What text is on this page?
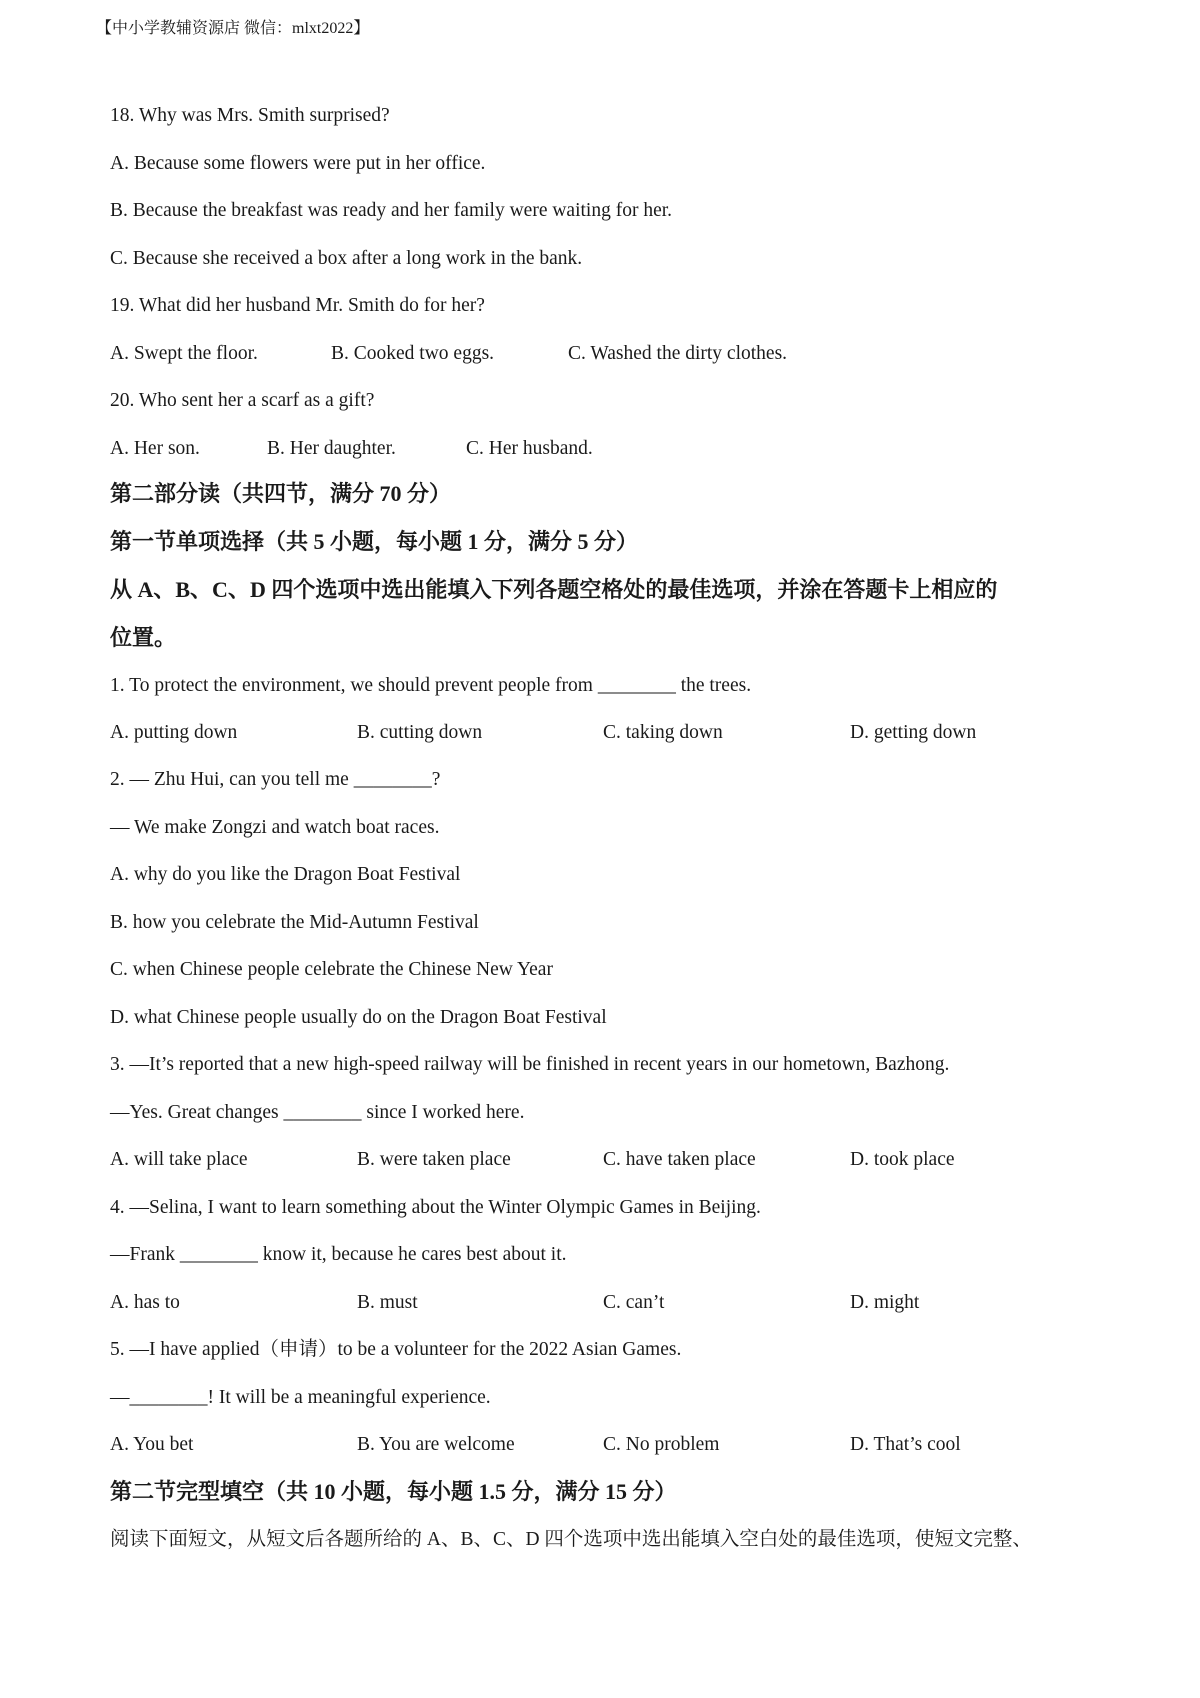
【中小学教辅资源店 微信：mlxt2022】
18. Why was Mrs. Smith surprised?
A. Because some flowers were put in her office.
B. Because the breakfast was ready and her family were waiting for her.
C. Because she received a box after a long work in the bank.
19. What did her husband Mr. Smith do for her?
A. Swept the floor.	B. Cooked two eggs.	C. Washed the dirty clothes.
20. Who sent her a scarf as a gift?
A. Her son.	B. Her daughter.	C. Her husband.
第二部分读（共四节，满分 70 分）
第一节单项选择（共 5 小题，每小题 1 分，满分 5 分）
从 A、B、C、D 四个选项中选出能填入下列各题空格处的最佳选项，并涂在答题卡上相应的
位置。
1. To protect the environment, we should prevent people from ________ the trees.
A. putting down	B. cutting down	C. taking down	D. getting down
2. — Zhu Hui, can you tell me ________?
— We make Zongzi and watch boat races.
A. why do you like the Dragon Boat Festival
B. how you celebrate the Mid-Autumn Festival
C. when Chinese people celebrate the Chinese New Year
D. what Chinese people usually do on the Dragon Boat Festival
3. —It’s reported that a new high-speed railway will be finished in recent years in our hometown, Bazhong.
—Yes. Great changes ________ since I worked here.
A. will take place	B. were taken place	C. have taken place	D. took place
4. —Selina, I want to learn something about the Winter Olympic Games in Beijing.
—Frank ________ know it, because he cares best about it.
A. has to	B. must	C. can’t	D. might
5. —I have applied（申请）to be a volunteer for the 2022 Asian Games.
—________! It will be a meaningful experience.
A. You bet	B. You are welcome	C. No problem	D. That’s cool
第二节完型填空（共 10 小题，每小题 1.5 分，满分 15 分）
阅读下面短文，从短文后各题所给的 A、B、C、D 四个选项中选出能填入空白处的最佳选项，使短文完整、
